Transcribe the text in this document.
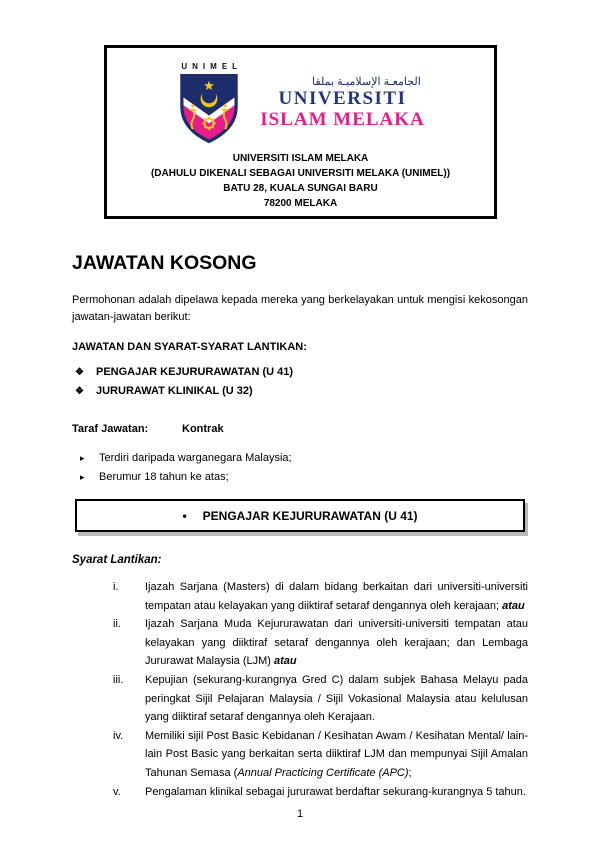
UNIMEL
الجامعـة الإسلاميـة بملقا
UNIVERSITI
ISLAM MELAKA
UNIVERSITI ISLAM MELAKA
(DAHULU DIKENALI SEBAGAI UNIVERSITI MELAKA (UNIMEL))
BATU 28, KUALA SUNGAI BARU
78200 MELAKA
JAWATAN KOSONG

Permohonan adalah dipelawa kepada mereka yang berkelayakan untuk mengisi kekosongan jawatan-jawatan berikut:

JAWATAN DAN SYARAT-SYARAT LANTIKAN:
❖ PENGAJAR KEJURURAWATAN (U 41)
❖ JURURAWAT KLINIKAL (U 32)
Taraf Jawatan:	Kontrak
▸	Terdiri daripada warganegara Malaysia;
▸	Berumur 18 tahun ke atas;
• PENGAJAR KEJURURAWATAN (U 41)
Syarat Lantikan:
i.	Ijazah Sarjana (Masters) di dalam bidang berkaitan dari universiti-universiti tempatan atau kelayakan yang diiktiraf setaraf dengannya oleh kerajaan; atau
ii.	Ijazah Sarjana Muda Kejururawatan dari universiti-universiti tempatan atau kelayakan yang diiktiraf setaraf dengannya oleh kerajaan; dan Lembaga Jururawat Malaysia (LJM) atau
iii.	Kepujian (sekurang-kurangnya Gred C) dalam subjek Bahasa Melayu pada peringkat Sijil Pelajaran Malaysia / Sijil Vokasional Malaysia atau kelulusan yang diiktiraf setaraf dengannya oleh Kerajaan.
iv.	Memiliki sijil Post Basic Kebidanan / Kesihatan Awam / Kesihatan Mental/ lain-lain Post Basic yang berkaitan serta diiktiraf LJM dan mempunyai Sijil Amalan Tahunan Semasa (Annual Practicing Certificate (APC);
v.	Pengalaman klinikal sebagai jururawat berdaftar sekurang-kurangnya 5 tahun.
1
